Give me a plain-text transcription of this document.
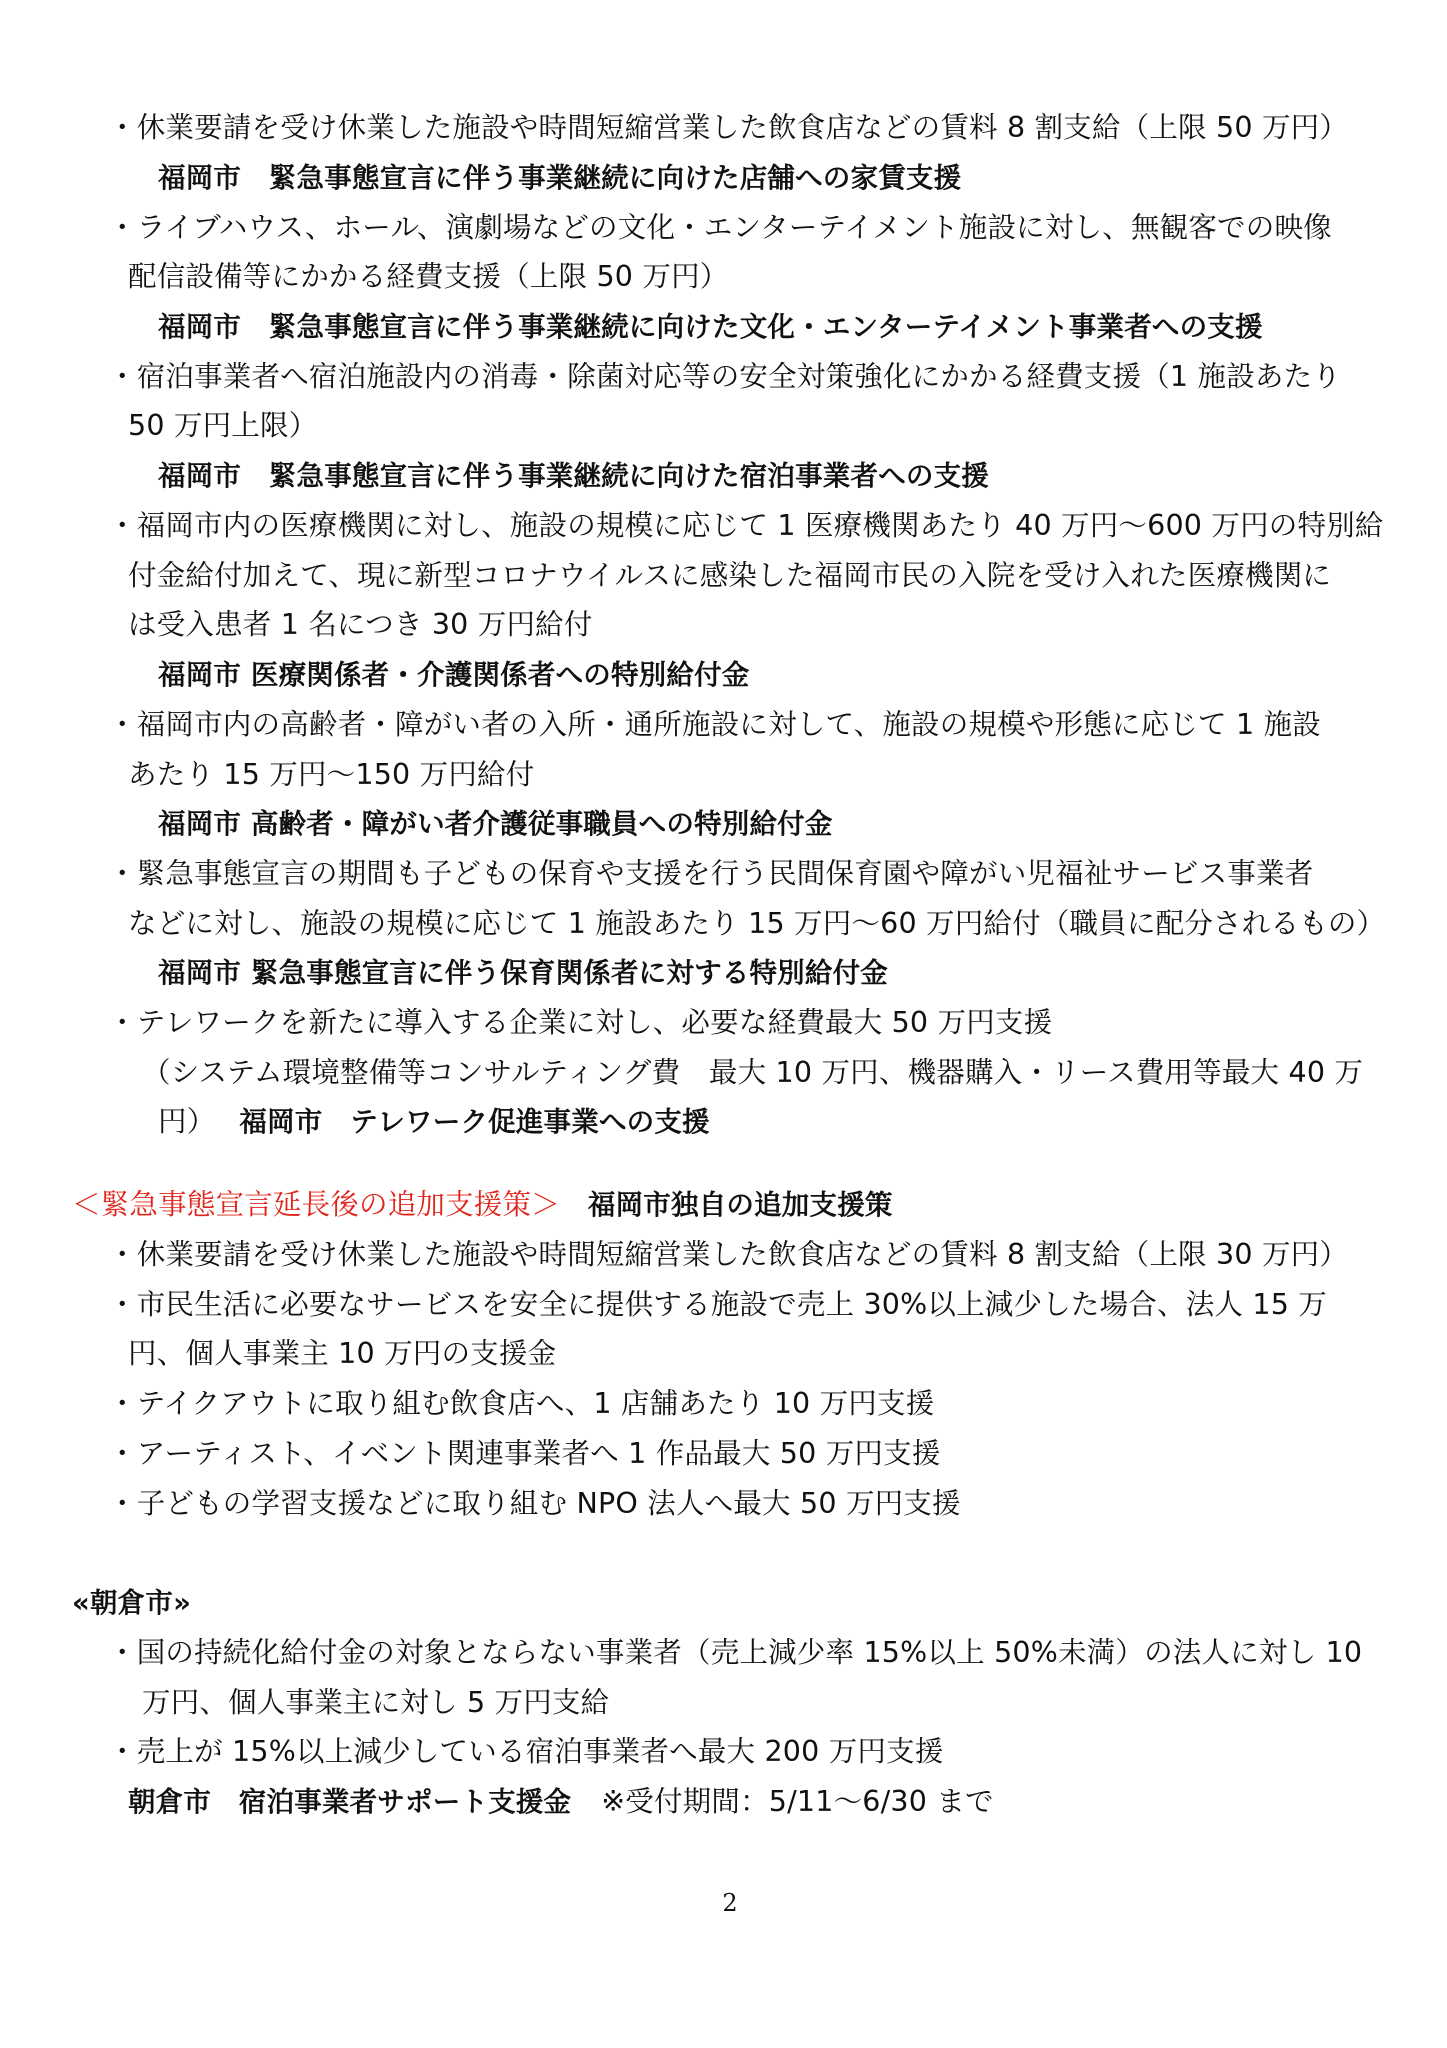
・休業要請を受け休業した施設や時間短縮営業した飲食店などの賃料 8 割支給（上限 50 万円）

福岡市　緊急事態宣言に伴う事業継続に向けた店舗への家賃支援

・ライブハウス、ホール、演劇場などの文化・エンターテイメント施設に対し、無観客での映像

配信設備等にかかる経費支援（上限 50 万円）

福岡市　緊急事態宣言に伴う事業継続に向けた文化・エンターテイメント事業者への支援

・宿泊事業者へ宿泊施設内の消毒・除菌対応等の安全対策強化にかかる経費支援（1 施設あたり

50 万円上限）

福岡市　緊急事態宣言に伴う事業継続に向けた宿泊事業者への支援

・福岡市内の医療機関に対し、施設の規模に応じて 1 医療機関あたり 40 万円～600 万円の特別給

付金給付加えて、現に新型コロナウイルスに感染した福岡市民の入院を受け入れた医療機関に

は受入患者 1 名につき 30 万円給付

福岡市 医療関係者・介護関係者への特別給付金

・福岡市内の高齢者・障がい者の入所・通所施設に対して、施設の規模や形態に応じて 1 施設

あたり 15 万円～150 万円給付

福岡市 高齢者・障がい者介護従事職員への特別給付金

・緊急事態宣言の期間も子どもの保育や支援を行う民間保育園や障がい児福祉サービス事業者

などに対し、施設の規模に応じて 1 施設あたり 15 万円～60 万円給付（職員に配分されるもの）

福岡市 緊急事態宣言に伴う保育関係者に対する特別給付金

・テレワークを新たに導入する企業に対し、必要な経費最大 50 万円支援

（システム環境整備等コンサルティング費　最大 10 万円、機器購入・リース費用等最大 40 万

円） 福岡市　テレワーク促進事業への支援

＜緊急事態宣言延長後の追加支援策＞ 福岡市独自の追加支援策

・休業要請を受け休業した施設や時間短縮営業した飲食店などの賃料 8 割支給（上限 30 万円）

・市民生活に必要なサービスを安全に提供する施設で売上 30%以上減少した場合、法人 15 万

円、個人事業主 10 万円の支援金

・テイクアウトに取り組む飲食店へ、1 店舗あたり 10 万円支援

・アーティスト、イベント関連事業者へ 1 作品最大 50 万円支援

・子どもの学習支援などに取り組む NPO 法人へ最大 50 万円支援

«朝倉市»

・国の持続化給付金の対象とならない事業者（売上減少率 15%以上 50%未満）の法人に対し 10

万円、個人事業主に対し 5 万円支給

・売上が 15%以上減少している宿泊事業者へ最大 200 万円支援

朝倉市　宿泊事業者サポート支援金 ※受付期間：5/11～6/30 まで

2
